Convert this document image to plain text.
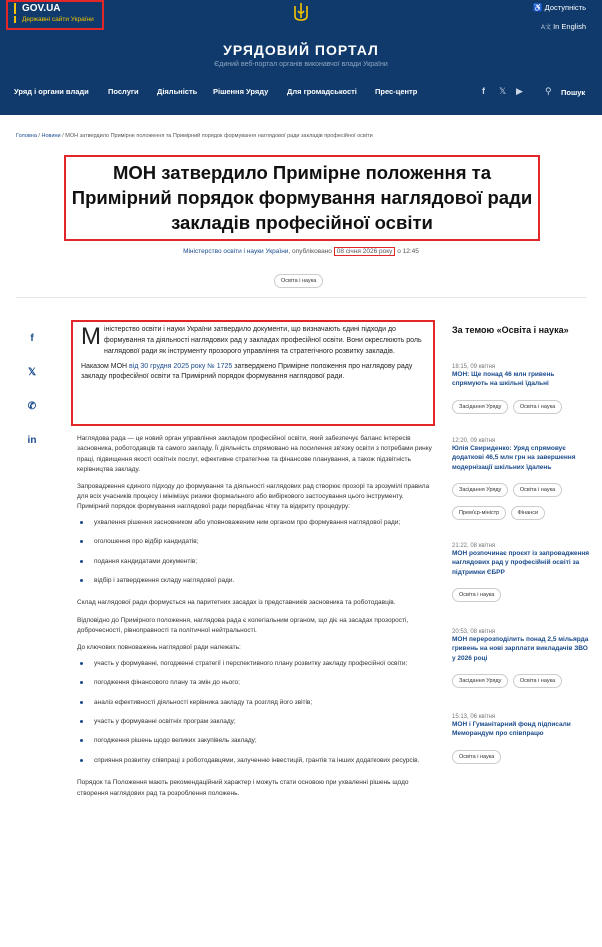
GOV.UA
Державні сайти України
♿ Доступність
A文 In English
УРЯДОВИЙ ПОРТАЛ
Єдиний веб-портал органів виконавчої влади України
Уряд і органи влади	Послуги Діяльність Рішення Уряду Для громадськості Прес-центр	f 𝕏 ▶ ⚲ Пошук
Головна / Новини / МОН затвердило Примірне положення та Примірний порядок формування наглядової ради закладів професійної освіти
МОН затвердило Примірне положення та Примірний порядок формування наглядової ради закладів професійної освіти
Міністерство освіти і науки України, опубліковано 08 січня 2026 року о 12:45
Освіта і наука
f
𝕏
✆
in

Міністерство освіти і науки України затвердило документи, що визначають єдині підходи до формування та діяльності наглядових рад у закладах професійної освіти. Вони окреслюють роль наглядової ради як інструменту прозорого управління та стратегічного розвитку закладів.

Наказом МОН від 30 грудня 2025 року № 1725 затверджено Примірне положення про наглядову раду закладу професійної освіти та Примірний порядок формування наглядової ради.

Наглядова рада — це новий орган управління закладом професійної освіти, який забезпечує баланс інтересів засновника, роботодавців та самого закладу. Її діяльність спрямовано на посилення зв'язку освіти з потребами ринку праці, підвищення якості освітніх послуг, ефективне стратегічне та фінансове планування, а також підзвітність керівництва закладу.

Запровадження єдиного підходу до формування та діяльності наглядових рад створює прозорі та зрозумілі правила для всіх учасників процесу і мінімізує ризики формального або вибіркового застосування цього інструменту.

Примірний порядок формування наглядової ради передбачає чітку та відкриту процедуру:

ухвалення рішення засновником або уповноваженим ним органом про формування наглядової ради;
оголошення про відбір кандидатів;
подання кандидатами документів;
відбір і затвердження складу наглядової ради.

Склад наглядової ради формується на паритетних засадах із представників засновника та роботодавців.

Відповідно до Примірного положення, наглядова рада є колегіальним органом, що діє на засадах прозорості, доброчесності, рівноправності та політичної нейтральності.

До ключових повноважень наглядової ради належать:

участь у формуванні, погодженні стратегії і перспективного плану розвитку закладу професійної освіти;
погодження фінансового плану та змін до нього;
аналіз ефективності діяльності керівника закладу та розгляд його звітів;
участь у формуванні освітніх програм закладу;
погодження рішень щодо великих закупівель закладу;
сприяння розвитку співпраці з роботодавцями, залученню інвестицій, грантів та інших додаткових ресурсів.

Порядок та Положення мають рекомендаційний характер і можуть стати основою при ухваленні рішень щодо створення наглядових рад та розроблення положень.

За темою «Освіта і наука»
18:15, 09 квітня
МОН: Ще понад 46 млн гривень спрямують на шкільні їдальні
Засідання Уряду	Освіта і наука
12:20, 09 квітня
Юлія Свириденко: Уряд спрямовує додаткові 46,5 млн грн на завершення модернізації шкільних їдалень
Засідання Уряду	Освіта і наука
Прем'єр-міністр	Фінанси
21:22, 08 квітня
МОН розпочинає проєкт із запровадження наглядових рад у професійній освіті за підтримки ЄБРР
Освіта і наука
20:53, 08 квітня
МОН перерозподілить понад 2,5 мільярда гривень на нові зарплати викладачів ЗВО у 2026 році
Засідання Уряду	Освіта і наука
15:13, 06 квітня
МОН і Гуманітарний фонд підписали Меморандум про співпрацю
Освіта і наука
